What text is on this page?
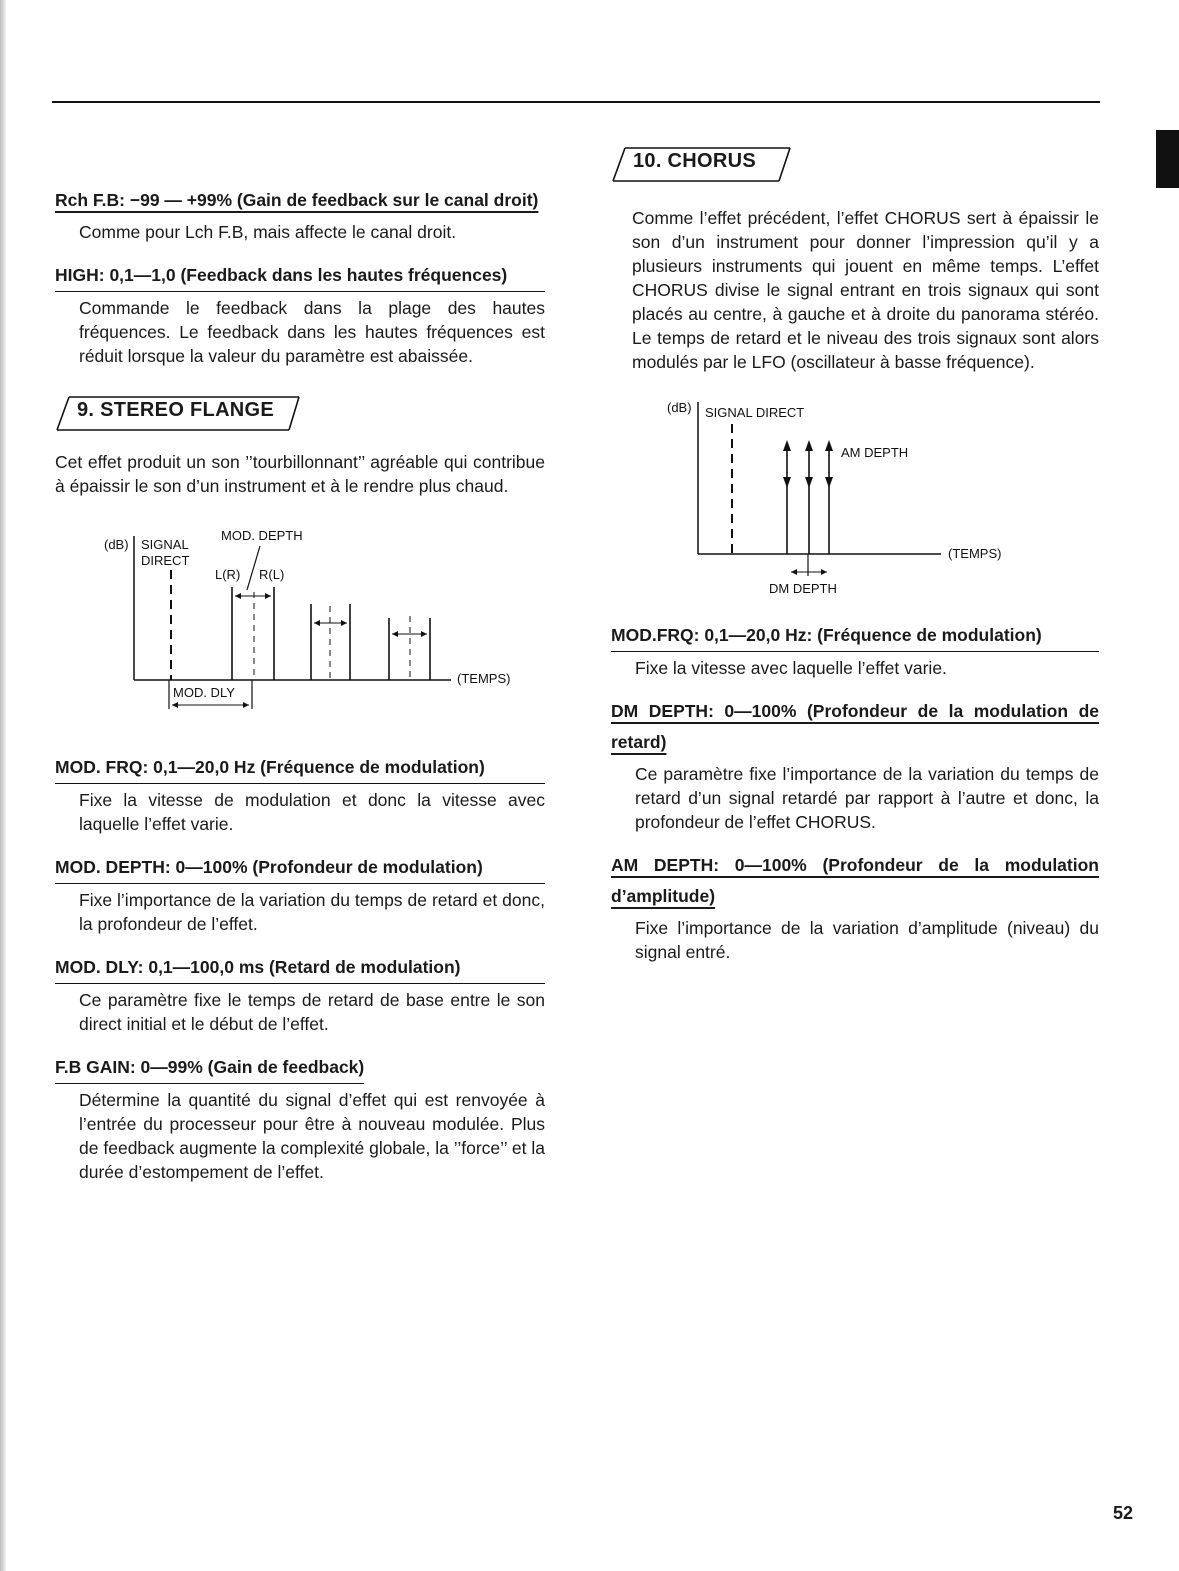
Rch F.B: −99 — +99% (Gain de feedback sur le canal droit)

Comme pour Lch F.B, mais affecte le canal droit.

HIGH: 0,1—1,0 (Feedback dans les hautes fréquences)

Commande le feedback dans la plage des hautes fréquences. Le feedback dans les hautes fréquences est réduit lorsque la valeur du paramètre est abaissée.

9. STEREO FLANGE

Cet effet produit un son ’’tourbillonnant’’ agréable qui contribue à épaissir le son d’un instrument et à le rendre plus chaud.

(dB) SIGNAL
DIRECT
MOD. DEPTH
L(R) R(L)
(TEMPS)
MOD. DLY

MOD. FRQ: 0,1—20,0 Hz (Fréquence de modulation)

Fixe la vitesse de modulation et donc la vitesse avec laquelle l’effet varie.

MOD. DEPTH: 0—100% (Profondeur de modulation)

Fixe l’importance de la variation du temps de retard et donc, la profondeur de l’effet.

MOD. DLY: 0,1—100,0 ms (Retard de modulation)

Ce paramètre fixe le temps de retard de base entre le son direct initial et le début de l’effet.

F.B GAIN: 0—99% (Gain de feedback)

Détermine la quantité du signal d’effet qui est renvoyée à l’entrée du processeur pour être à nouveau modulée. Plus de feedback augmente la complexité globale, la ’’force’’ et la durée d’estompement de l’effet.

10. CHORUS

Comme l’effet précédent, l’effet CHORUS sert à épaissir le son d’un instrument pour donner l’impression qu’il y a plusieurs instruments qui jouent en même temps. L’effet CHORUS divise le signal entrant en trois signaux qui sont placés au centre, à gauche et à droite du panorama stéréo. Le temps de retard et le niveau des trois signaux sont alors modulés par le LFO (oscillateur à basse fréquence).

(dB) SIGNAL DIRECT
AM DEPTH
(TEMPS)
DM DEPTH

MOD.FRQ: 0,1—20,0 Hz: (Fréquence de modulation)

Fixe la vitesse avec laquelle l’effet varie.

DM DEPTH: 0—100% (Profondeur de la modulation de retard)

Ce paramètre fixe l’importance de la variation du temps de retard d’un signal retardé par rapport à l’autre et donc, la profondeur de l’effet CHORUS.

AM DEPTH: 0—100% (Profondeur de la modulation d’amplitude)

Fixe l’importance de la variation d’amplitude (niveau) du signal entré.

52
